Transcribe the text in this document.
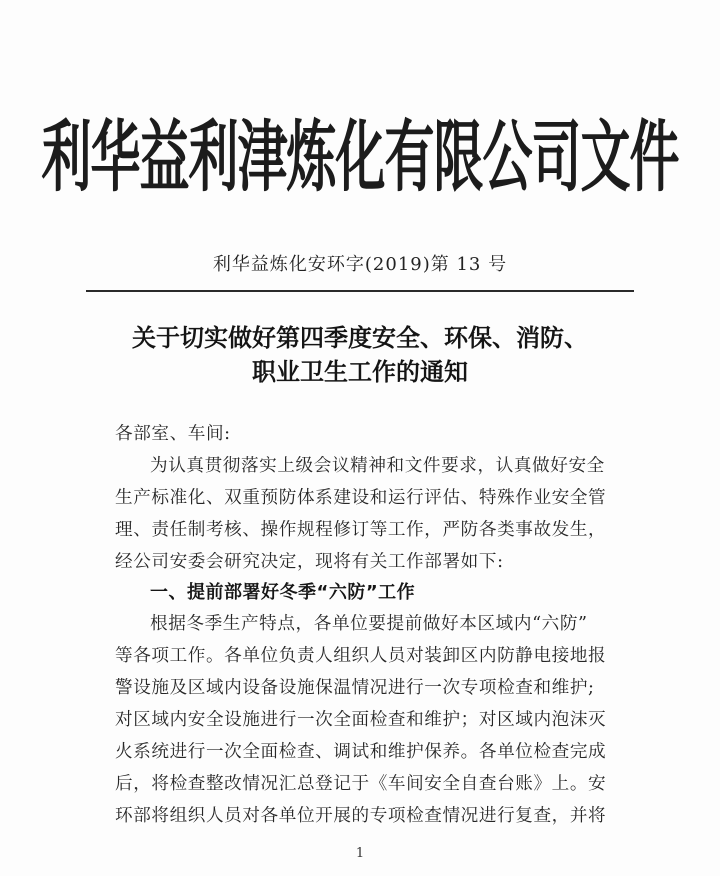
利华益利津炼化有限公司文件
利华益炼化安环字(2019)第 13 号
关于切实做好第四季度安全、环保、消防、
职业卫生工作的通知
各部室、车间:
为认真贯彻落实上级会议精神和文件要求，认真做好安全
生产标准化、双重预防体系建设和运行评估、特殊作业安全管
理、责任制考核、操作规程修订等工作，严防各类事故发生，
经公司安委会研究决定，现将有关工作部署如下:
一、提前部署好冬季“六防”工作
根据冬季生产特点，各单位要提前做好本区域内“六防”
等各项工作。各单位负责人组织人员对装卸区内防静电接地报
警设施及区域内设备设施保温情况进行一次专项检查和维护;
对区域内安全设施进行一次全面检查和维护；对区域内泡沫灭
火系统进行一次全面检查、调试和维护保养。各单位检查完成
后，将检查整改情况汇总登记于《车间安全自查台账》上。安
环部将组织人员对各单位开展的专项检查情况进行复查，并将
1
